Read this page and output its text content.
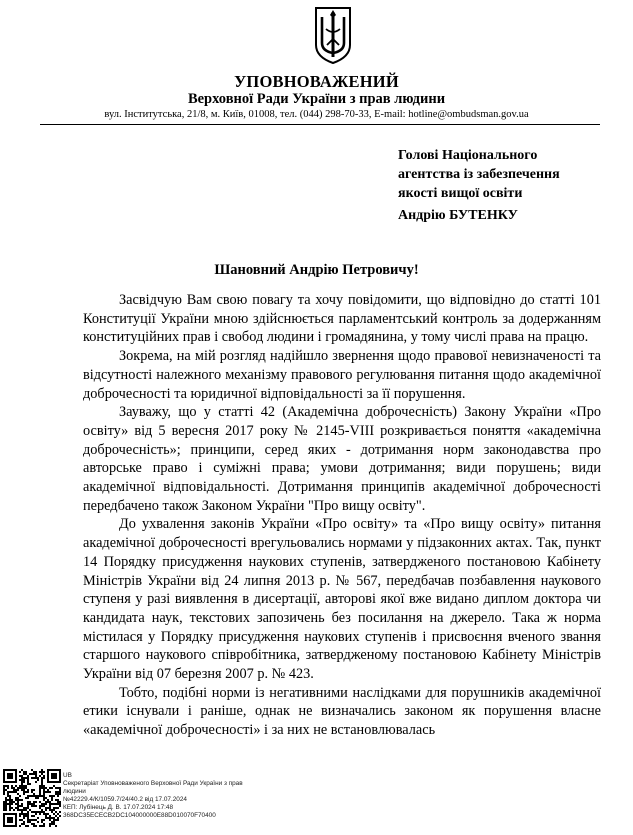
УПОВНОВАЖЕНИЙ
Верховної Ради України з прав людини
вул. Інститутська, 21/8, м. Київ, 01008, тел. (044) 298-70-33, E-mail: hotline@ombudsman.gov.ua
Голові Національного
агентства із забезпечення
якості вищої освіти
Андрію БУТЕНКУ
Шановний Андрію Петровичу!

Засвідчую Вам свою повагу та хочу повідомити, що відповідно до статті 101 Конституції України мною здійснюється парламентський контроль за додержанням конституційних прав і свобод людини і громадянина, у тому числі права на працю.

Зокрема, на мій розгляд надійшло звернення щодо правової невизначеності та відсутності належного механізму правового регулювання питання щодо академічної доброчесності та юридичної відповідальності за її порушення.

Зауважу, що у статті 42 (Академічна доброчесність) Закону України «Про освіту» від 5 вересня 2017 року № 2145-VIII розкривається поняття «академічна доброчесність»; принципи, серед яких - дотримання норм законодавства про авторське право і суміжні права; умови дотримання; види порушень; види академічної відповідальності. Дотримання принципів академічної доброчесності передбачено також Законом України "Про вищу освіту".

До ухвалення законів України «Про освіту» та «Про вищу освіту» питання академічної доброчесності врегульовались нормами у підзаконних актах. Так, пункт 14 Порядку присудження наукових ступенів, затвердженого постановою Кабінету Міністрів України від 24 липня 2013 р. № 567, передбачав позбавлення наукового ступеня у разі виявлення в дисертації, авторові якої вже видано диплом доктора чи кандидата наук, текстових запозичень без посилання на джерело. Така ж норма містилася у Порядку присудження наукових ступенів і присвоєння вченого звання старшого наукового співробітника, затвердженому постановою Кабінету Міністрів України від 07 березня 2007 р. № 423.

Тобто, подібні норми із негативними наслідками для порушників академічної етики існували і раніше, однак не визначались законом як порушення власне «академічної доброчесності» і за них не встановлювалась

UB
Секретаріат Уповноваженого Верховної Ради України з прав
людини
№42229.4/К/1059.7/24/40.2 від 17.07.2024
КЕП: Лубінець Д. В. 17.07.2024 17:48
368DC35ECECB2DC104000000E88D010070F70400
